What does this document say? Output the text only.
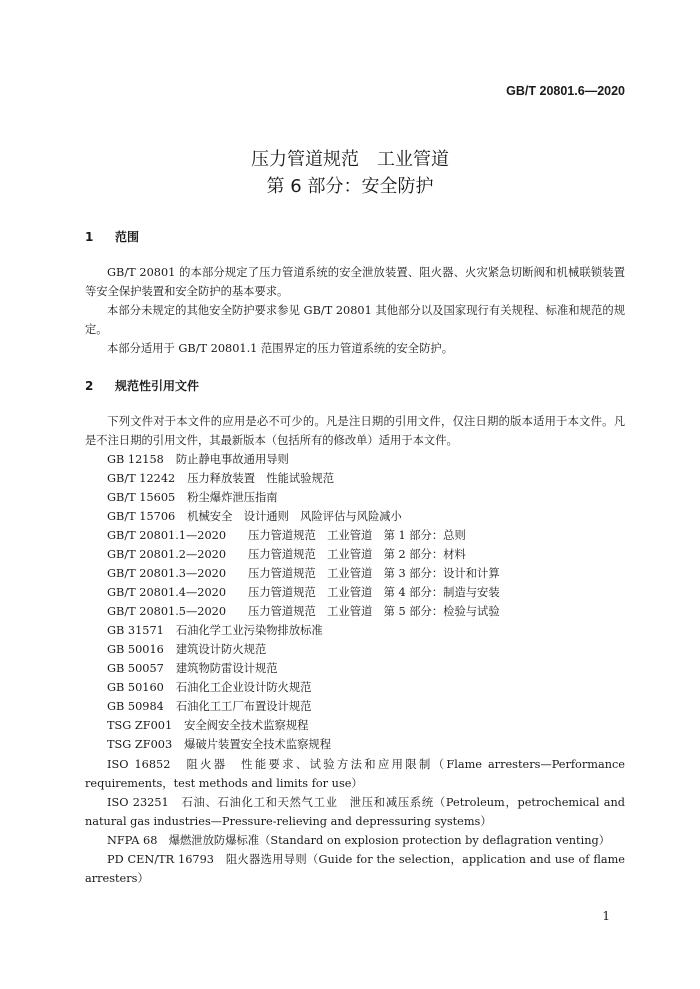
GB/T 20801.6—2020
压力管道规范　工业管道
第 6 部分：安全防护
1 范围
GB/T 20801 的本部分规定了压力管道系统的安全泄放装置、阻火器、火灾紧急切断阀和机械联锁装置等安全保护装置和安全防护的基本要求。
本部分未规定的其他安全防护要求参见 GB/T 20801 其他部分以及国家现行有关规程、标准和规范的规定。
本部分适用于 GB/T 20801.1 范围界定的压力管道系统的安全防护。
2 规范性引用文件
下列文件对于本文件的应用是必不可少的。凡是注日期的引用文件，仅注日期的版本适用于本文件。凡是不注日期的引用文件，其最新版本（包括所有的修改单）适用于本文件。
GB 12158 防止静电事故通用导则
GB/T 12242 压力释放装置　性能试验规范
GB/T 15605 粉尘爆炸泄压指南
GB/T 15706 机械安全　设计通则　风险评估与风险减小
GB/T 20801.1—2020 压力管道规范　工业管道　第 1 部分：总则
GB/T 20801.2—2020 压力管道规范　工业管道　第 2 部分：材料
GB/T 20801.3—2020 压力管道规范　工业管道　第 3 部分：设计和计算
GB/T 20801.4—2020 压力管道规范　工业管道　第 4 部分：制造与安装
GB/T 20801.5—2020 压力管道规范　工业管道　第 5 部分：检验与试验
GB 31571 石油化学工业污染物排放标准
GB 50016 建筑设计防火规范
GB 50057 建筑物防雷设计规范
GB 50160 石油化工企业设计防火规范
GB 50984 石油化工工厂布置设计规范
TSG ZF001 安全阀安全技术监察规程
TSG ZF003 爆破片装置安全技术监察规程
ISO 16852　阻火器　性能要求、试验方法和应用限制（Flame arresters—Performance requirements，test methods and limits for use）
ISO 23251　石油、石油化工和天然气工业　泄压和减压系统（Petroleum，petrochemical and natural gas industries—Pressure-relieving and depressuring systems）
NFPA 68　爆燃泄放防爆标准（Standard on explosion protection by deflagration venting）
PD CEN/TR 16793　阻火器选用导则（Guide for the selection，application and use of flame arresters）
1
